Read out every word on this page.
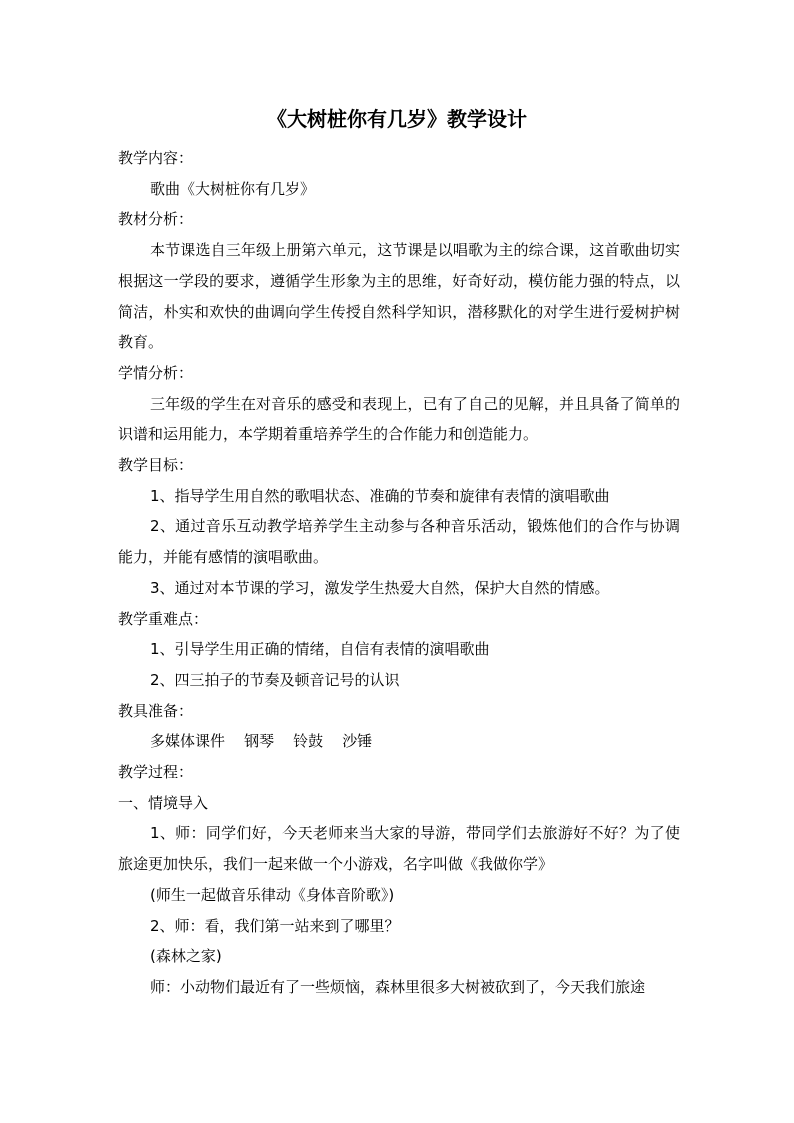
《大树桩你有几岁》教学设计

教学内容：

歌曲《大树桩你有几岁》

教材分析：

本节课选自三年级上册第六单元，这节课是以唱歌为主的综合课，这首歌曲切实根据这一学段的要求，遵循学生形象为主的思维，好奇好动，模仿能力强的特点，以简洁，朴实和欢快的曲调向学生传授自然科学知识，潜移默化的对学生进行爱树护树教育。

学情分析：

三年级的学生在对音乐的感受和表现上，已有了自己的见解，并且具备了简单的识谱和运用能力，本学期着重培养学生的合作能力和创造能力。

教学目标：

1、指导学生用自然的歌唱状态、准确的节奏和旋律有表情的演唱歌曲

2、通过音乐互动教学培养学生主动参与各种音乐活动，锻炼他们的合作与协调能力，并能有感情的演唱歌曲。

3、通过对本节课的学习，激发学生热爱大自然，保护大自然的情感。

教学重难点：

1、引导学生用正确的情绪，自信有表情的演唱歌曲

2、四三拍子的节奏及顿音记号的认识

教具准备：

多媒体课件    钢琴    铃鼓    沙锤

教学过程：

一、情境导入

1、师：同学们好，今天老师来当大家的导游，带同学们去旅游好不好？为了使旅途更加快乐，我们一起来做一个小游戏，名字叫做《我做你学》

(师生一起做音乐律动《身体音阶歌》)

2、师：看，我们第一站来到了哪里？

(森林之家)

师：小动物们最近有了一些烦恼，森林里很多大树被砍到了，今天我们旅途
